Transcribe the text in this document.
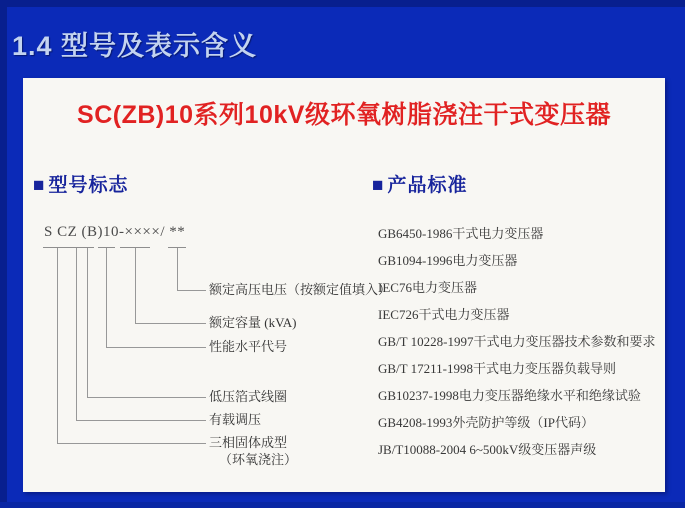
1.4 型号及表示含义
SC(ZB)10系列10kV级环氧树脂浇注干式变压器
■ 型号标志	■ 产品标准
S CZ (B)10-××××/ **
额定高压电压（按额定值填入）
额定容量 (kVA)
性能水平代号
低压箔式线圈
有载调压
三相固体成型
（环氧浇注）
GB6450-1986干式电力变压器
GB1094-1996电力变压器
IEC76电力变压器
IEC726干式电力变压器
GB/T 10228-1997干式电力变压器技术参数和要求
GB/T 17211-1998干式电力变压器负载导则
GB10237-1998电力变压器绝缘水平和绝缘试验
GB4208-1993外壳防护等级（IP代码）
JB/T10088-2004 6~500kV级变压器声级
